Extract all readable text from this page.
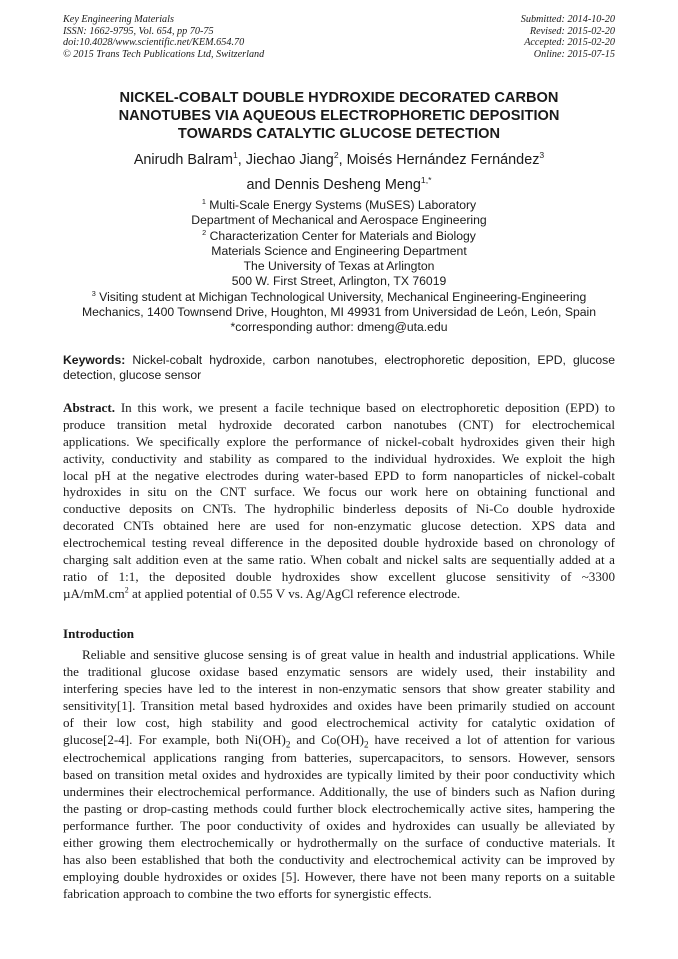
Key Engineering Materials
ISSN: 1662-9795, Vol. 654, pp 70-75
doi:10.4028/www.scientific.net/KEM.654.70
© 2015 Trans Tech Publications Ltd, Switzerland
Submitted: 2014-10-20
Revised: 2015-02-20
Accepted: 2015-02-20
Online: 2015-07-15
NICKEL-COBALT DOUBLE HYDROXIDE DECORATED CARBON
NANOTUBES VIA AQUEOUS ELECTROPHORETIC DEPOSITION
TOWARDS CATALYTIC GLUCOSE DETECTION
Anirudh Balram$^1$, Jiechao Jiang$^2$, Moisés Hernández Fernández$^3$
and Dennis Desheng Meng$^{1,*}$
$^1$ Multi-Scale Energy Systems (MuSES) Laboratory
Department of Mechanical and Aerospace Engineering
$^2$ Characterization Center for Materials and Biology
Materials Science and Engineering Department
The University of Texas at Arlington
500 W. First Street, Arlington, TX 76019
$^3$ Visiting student at Michigan Technological University, Mechanical Engineering-Engineering
Mechanics, 1400 Townsend Drive, Houghton, MI 49931 from Universidad de León, León, Spain
*corresponding author: dmeng@uta.edu
Keywords: Nickel-cobalt hydroxide, carbon nanotubes, electrophoretic deposition, EPD, glucose detection, glucose sensor
Abstract. In this work, we present a facile technique based on electrophoretic deposition (EPD) to
produce transition metal hydroxide decorated carbon nanotubes (CNT) for electrochemical
applications. We specifically explore the performance of nickel-cobalt hydroxides given their high
activity, conductivity and stability as compared to the individual hydroxides. We exploit the high
local pH at the negative electrodes during water-based EPD to form nanoparticles of nickel-cobalt
hydroxides in situ on the CNT surface. We focus our work here on obtaining functional and
conductive deposits on CNTs. The hydrophilic binderless deposits of Ni-Co double hydroxide
decorated CNTs obtained here are used for non-enzymatic glucose detection. XPS data and
electrochemical testing reveal difference in the deposited double hydroxide based on chronology of
charging salt addition even at the same ratio. When cobalt and nickel salts are sequentially added at a
ratio of 1:1, the deposited double hydroxides show excellent glucose sensitivity of ~3300
$\mu A/mM.cm^2$ at applied potential of 0.55 V vs. Ag/AgCl reference electrode.
Introduction
Reliable and sensitive glucose sensing is of great value in health and industrial applications. While
the traditional glucose oxidase based enzymatic sensors are widely used, their instability and
interfering species have led to the interest in non-enzymatic sensors that show greater stability and
sensitivity[1]. Transition metal based hydroxides and oxides have been primarily studied on account
of their low cost, high stability and good electrochemical activity for catalytic oxidation of
glucose[2-4]. For example, both $Ni(OH)_2$ and $Co(OH)_2$ have received a lot of attention for various
electrochemical applications ranging from batteries, supercapacitors, to sensors. However, sensors
based on transition metal oxides and hydroxides are typically limited by their poor conductivity which
undermines their electrochemical performance. Additionally, the use of binders such as Nafion during
the pasting or drop-casting methods could further block electrochemically active sites, hampering the
performance further. The poor conductivity of oxides and hydroxides can usually be alleviated by
either growing them electrochemically or hydrothermally on the surface of conductive materials. It
has also been established that both the conductivity and electrochemical activity can be improved by
employing double hydroxides or oxides [5]. However, there have not been many reports on a suitable
fabrication approach to combine the two efforts for synergistic effects.
